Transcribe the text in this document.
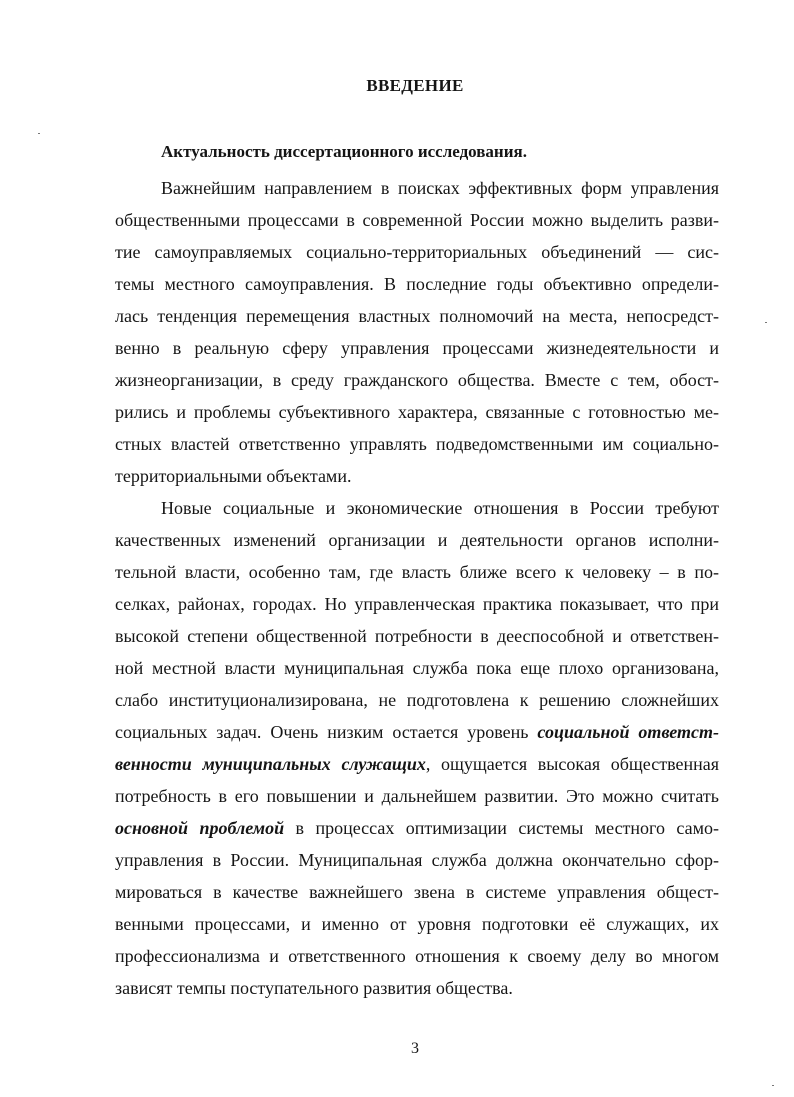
ВВЕДЕНИЕ
Актуальность диссертационного исследования.
Важнейшим направлением в поисках эффективных форм управления
общественными процессами в современной России можно выделить разви-
тие самоуправляемых социально-территориальных объединений — сис-
темы местного самоуправления. В последние годы объективно определи-
лась тенденция перемещения властных полномочий на места, непосредст-
венно в реальную сферу управления процессами жизнедеятельности и
жизнеорганизации, в среду гражданского общества. Вместе с тем, обост-
рились и проблемы субъективного характера, связанные с готовностью ме-
стных властей ответственно управлять подведомственными им социально-
территориальными объектами.
Новые социальные и экономические отношения в России требуют
качественных изменений организации и деятельности органов исполни-
тельной власти, особенно там, где власть ближе всего к человеку – в по-
селках, районах, городах. Но управленческая практика показывает, что при
высокой степени общественной потребности в дееспособной и ответствен-
ной местной власти муниципальная служба пока еще плохо организована,
слабо институционализирована, не подготовлена к решению сложнейших
социальных задач. Очень низким остается уровень социальной ответст-
венности муниципальных служащих, ощущается высокая общественная
потребность в его повышении и дальнейшем развитии. Это можно считать
основной проблемой в процессах оптимизации системы местного само-
управления в России. Муниципальная служба должна окончательно сфор-
мироваться в качестве важнейшего звена в системе управления общест-
венными процессами, и именно от уровня подготовки её служащих, их
профессионализма и ответственного отношения к своему делу во многом
зависят темпы поступательного развития общества.
3
